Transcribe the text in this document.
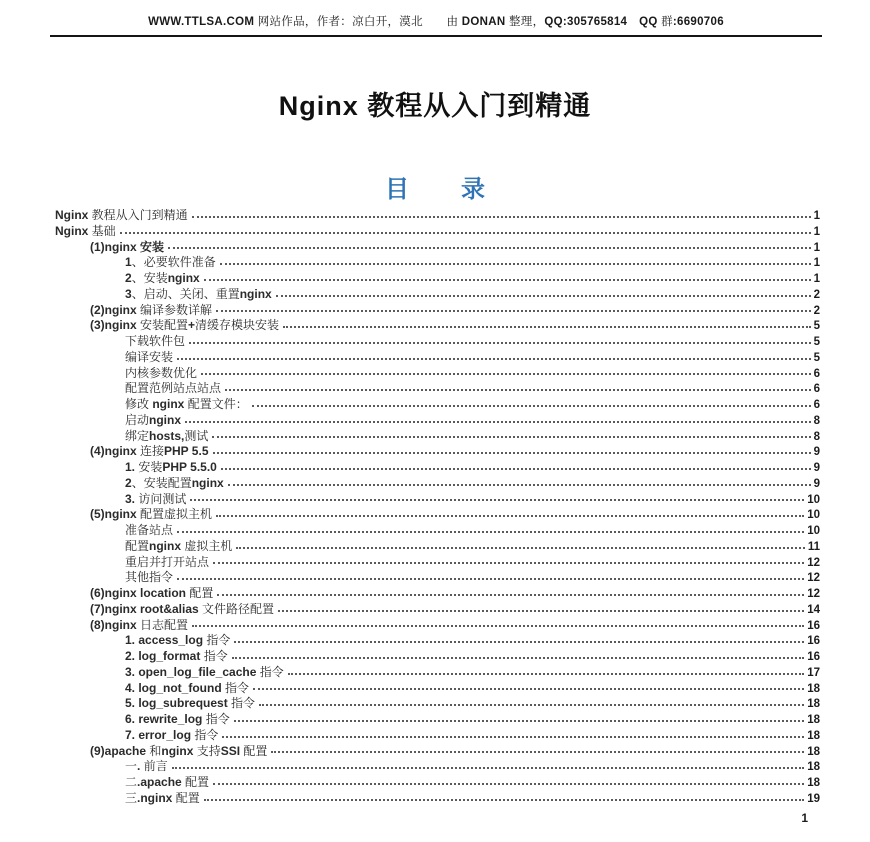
WWW.TTLSA.COM 网站作品，作者：凉白开，漠北　　由 DONAN 整理，QQ:305765814　 QQ 群:6690706
Nginx 教程从入门到精通
目　录
Nginx 教程从入门到精通	1
Nginx 基础	1
(1)nginx 安装	1
1、必要软件准备	1
2、安装nginx	1
3、启动、关闭、重置nginx	2
(2)nginx 编译参数详解	2
(3)nginx 安装配置+清缓存模块安装	5
下载软件包	5
编译安装	5
内核参数优化	6
配置范例站点站点	6
修改 nginx 配置文件：	6
启动nginx	8
绑定hosts,测试	8
(4)nginx 连接PHP 5.5	9
1. 安装PHP 5.5.0	9
2、安装配置nginx	9
3. 访问测试	10
(5)nginx 配置虚拟主机	10
准备站点	10
配置nginx 虚拟主机	11
重启并打开站点	12
其他指令	12
(6)nginx location 配置	12
(7)nginx root&alias 文件路径配置	14
(8)nginx 日志配置	16
1. access_log 指令	16
2. log_format 指令	16
3. open_log_file_cache 指令	17
4. log_not_found 指令	18
5. log_subrequest 指令	18
6. rewrite_log 指令	18
7. error_log 指令	18
(9)apache 和nginx 支持SSI 配置	18
一. 前言	18
二.apache 配置	18
三.nginx 配置	19
1
